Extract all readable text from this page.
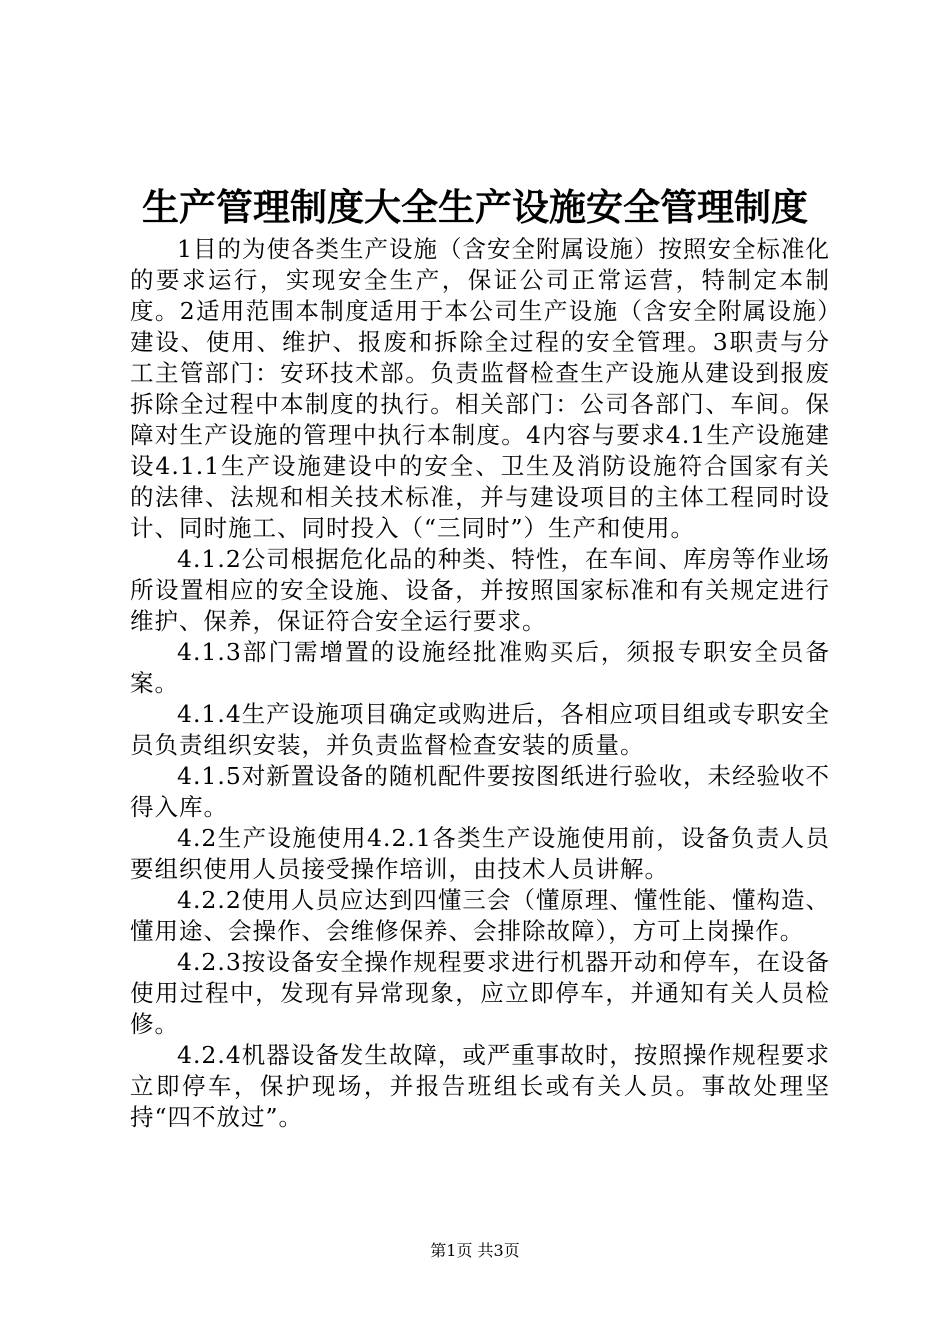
生产管理制度大全生产设施安全管理制度

1目的为使各类生产设施（含安全附属设施）按照安全标准化的要求运行，实现安全生产，保证公司正常运营，特制定本制度。2适用范围本制度适用于本公司生产设施（含安全附属设施）建设、使用、维护、报废和拆除全过程的安全管理。3职责与分工主管部门：安环技术部。负责监督检查生产设施从建设到报废拆除全过程中本制度的执行。相关部门：公司各部门、车间。保障对生产设施的管理中执行本制度。4内容与要求4.1生产设施建设4.1.1生产设施建设中的安全、卫生及消防设施符合国家有关的法律、法规和相关技术标准，并与建设项目的主体工程同时设计、同时施工、同时投入（“三同时”）生产和使用。

4.1.2公司根据危化品的种类、特性，在车间、库房等作业场所设置相应的安全设施、设备，并按照国家标准和有关规定进行维护、保养，保证符合安全运行要求。

4.1.3部门需增置的设施经批准购买后，须报专职安全员备案。

4.1.4生产设施项目确定或购进后，各相应项目组或专职安全员负责组织安装，并负责监督检查安装的质量。

4.1.5对新置设备的随机配件要按图纸进行验收，未经验收不得入库。

4.2生产设施使用4.2.1各类生产设施使用前，设备负责人员要组织使用人员接受操作培训，由技术人员讲解。

4.2.2使用人员应达到四懂三会（懂原理、懂性能、懂构造、懂用途、会操作、会维修保养、会排除故障），方可上岗操作。

4.2.3按设备安全操作规程要求进行机器开动和停车，在设备使用过程中，发现有异常现象，应立即停车，并通知有关人员检修。

4.2.4机器设备发生故障，或严重事故时，按照操作规程要求立即停车，保护现场，并报告班组长或有关人员。事故处理坚持“四不放过”。

第1页 共3页
